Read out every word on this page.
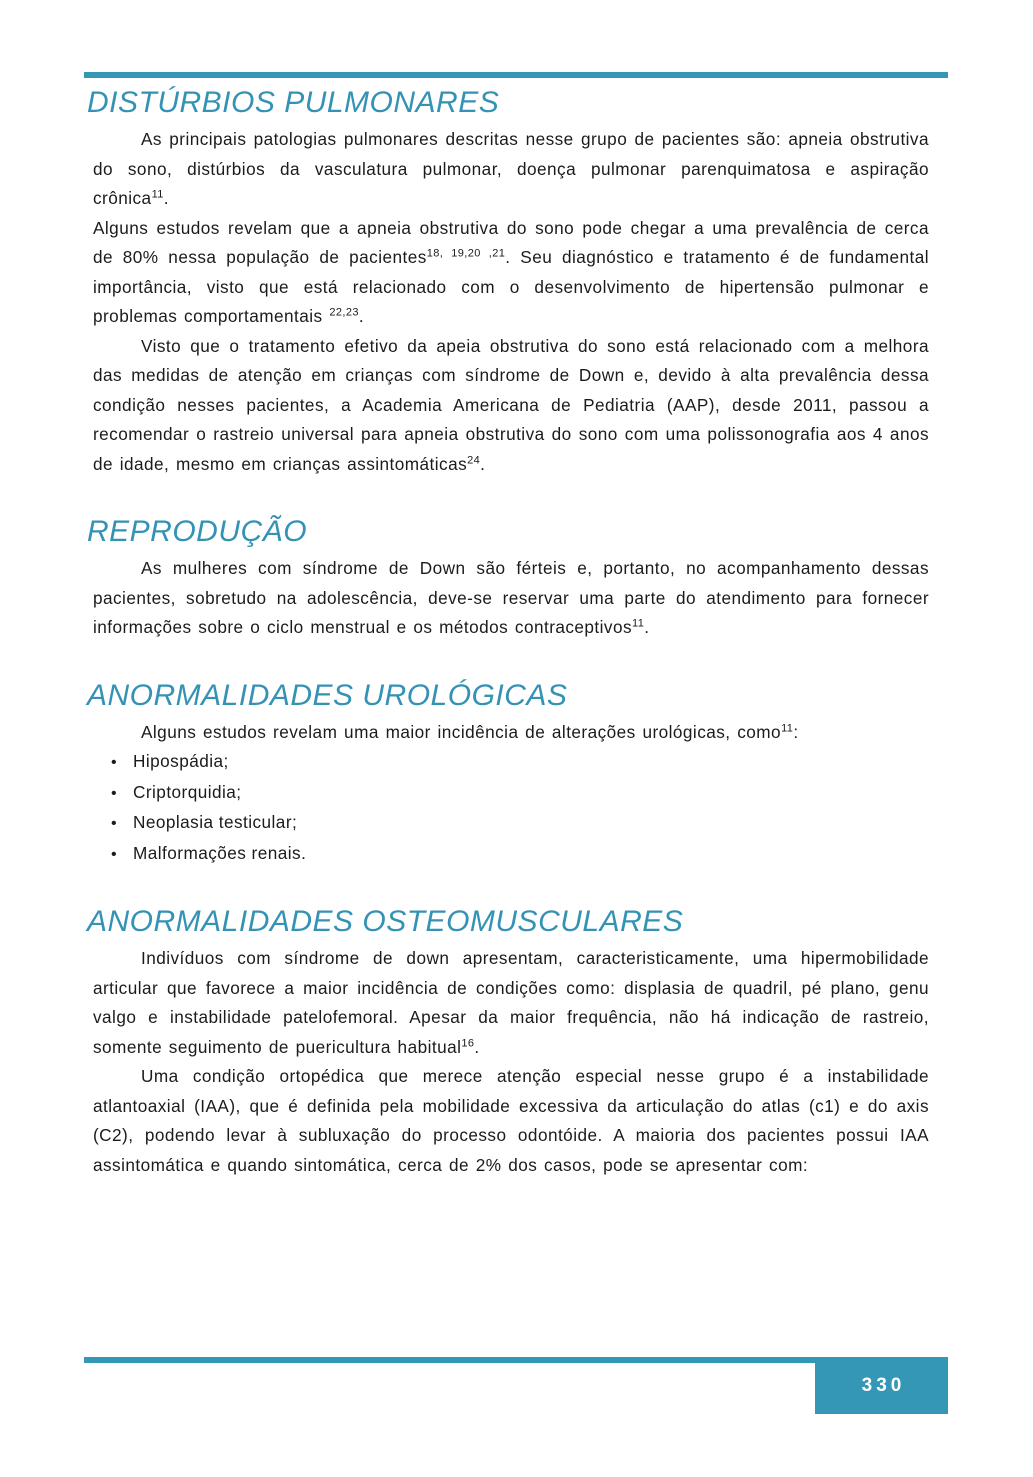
DISTÚRBIOS PULMONARES

As principais patologias pulmonares descritas nesse grupo de pacientes são: apneia obstrutiva do sono, distúrbios da vasculatura pulmonar, doença pulmonar parenquimatosa e aspiração crônica$^{11}$.

Alguns estudos revelam que a apneia obstrutiva do sono pode chegar a uma prevalência de cerca de 80% nessa população de pacientes$^{18, 19,20 ,21}$. Seu diagnóstico e tratamento é de fundamental importância, visto que está relacionado com o desenvolvimento de hipertensão pulmonar e problemas comportamentais $^{22,23}$.

Visto que o tratamento efetivo da apeia obstrutiva do sono está relacionado com a melhora das medidas de atenção em crianças com síndrome de Down e, devido à alta prevalência dessa condição nesses pacientes, a Academia Americana de Pediatria (AAP), desde 2011, passou a recomendar o rastreio universal para apneia obstrutiva do sono com uma polissonografia aos 4 anos de idade, mesmo em crianças assintomáticas$^{24}$.

REPRODUÇÃO

As mulheres com síndrome de Down são férteis e, portanto, no acompanhamento dessas pacientes, sobretudo na adolescência, deve-se reservar uma parte do atendimento para fornecer informações sobre o ciclo menstrual e os métodos contraceptivos$^{11}$.

ANORMALIDADES UROLÓGICAS

Alguns estudos revelam uma maior incidência de alterações urológicas, como$^{11}$:

• Hipospádia;
• Criptorquidia;
• Neoplasia testicular;
• Malformações renais.
ANORMALIDADES OSTEOMUSCULARES

Indivíduos com síndrome de down apresentam, caracteristicamente, uma hipermobilidade articular que favorece a maior incidência de condições como: displasia de quadril, pé plano, genu valgo e instabilidade patelofemoral. Apesar da maior frequência, não há indicação de rastreio, somente seguimento de puericultura habitual$^{16}$.

Uma condição ortopédica que merece atenção especial nesse grupo é a instabilidade atlantoaxial (IAA), que é definida pela mobilidade excessiva da articulação do atlas (c1) e do axis (C2), podendo levar à subluxação do processo odontóide. A maioria dos pacientes possui IAA assintomática e quando sintomática, cerca de 2% dos casos, pode se apresentar com:

330
